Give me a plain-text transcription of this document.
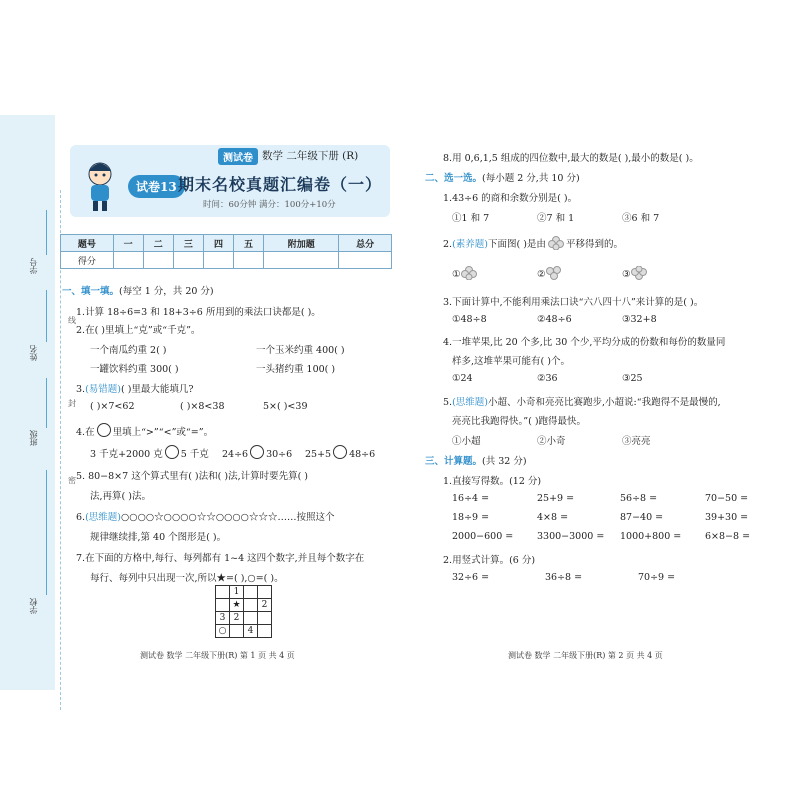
学号
姓名
班级
学校
线
封
密
测试卷 数学 二年级下册 (R)
试卷13 期末名校真题汇编卷（一）
时间：60分钟 满分：100分+10分
题号	一	二	三	四	五	附加题	总分
得分							
一、填一填。(每空 1 分，共 20 分)
1.计算 18÷6=3 和 18+3÷6 所用到的乘法口诀都是( )。
2.在( )里填上“克”或“千克”。
一个南瓜约重 2( )	一个玉米约重 400( )
一罐饮料约重 300( )	一头猪约重 100( )
3.(易错题)( )里最大能填几?
( )×7<62	( )×8<38	5×( )<39
4.在 里填上“>”“<”或“=”。
3 千克+2000 克 5 千克 24÷6 30÷6 25+5 48÷6
5. 80−8×7 这个算式里有( )法和( )法,计算时要先算( )
法,再算( )法。
6.(思维题)○○○○☆○○○○☆☆○○○○☆☆☆……按照这个
规律继续排,第 40 个图形是( )。
7.在下面的方格中,每行、每列都有 1~4 这四个数字,并且每个数字在
每行、每列中只出现一次,所以★=( ),○=( )。
	1		
	★		2
3	2		
○		4	
测试卷 数学 二年级下册(R) 第 1 页 共 4 页
8.用 0,6,1,5 组成的四位数中,最大的数是( ),最小的数是( )。
二、选一选。(每小题 2 分,共 10 分)
1.43÷6 的商和余数分别是( )。
①1 和 7	②7 和 1	③6 和 7
2.(素养题)下面图( )是由 平移得到的。
①	②	③
3.下面计算中,不能利用乘法口诀“六八四十八”来计算的是( )。
①48÷8	②48÷6	③32+8
4.一堆苹果,比 20 个多,比 30 个少,平均分成的份数和每份的数量同
样多,这堆苹果可能有( )个。
①24	②36	③25
5.(思维题)小超、小奇和亮亮比赛跑步,小超说:“我跑得不是最慢的,
亮亮比我跑得快。”( )跑得最快。
①小超	②小奇	③亮亮
三、计算题。(共 32 分)
1.直接写得数。(12 分)
16÷4 =	25+9 =	56÷8 =	70−50 =
18÷9 =	4×8 =	87−40 =	39+30 =
2000−600 =	3300−3000 = 1000+800 =	6×8−8 =
2.用竖式计算。(6 分)
32÷6 =	36÷8 =	70÷9 =
测试卷 数学 二年级下册(R) 第 2 页 共 4 页
